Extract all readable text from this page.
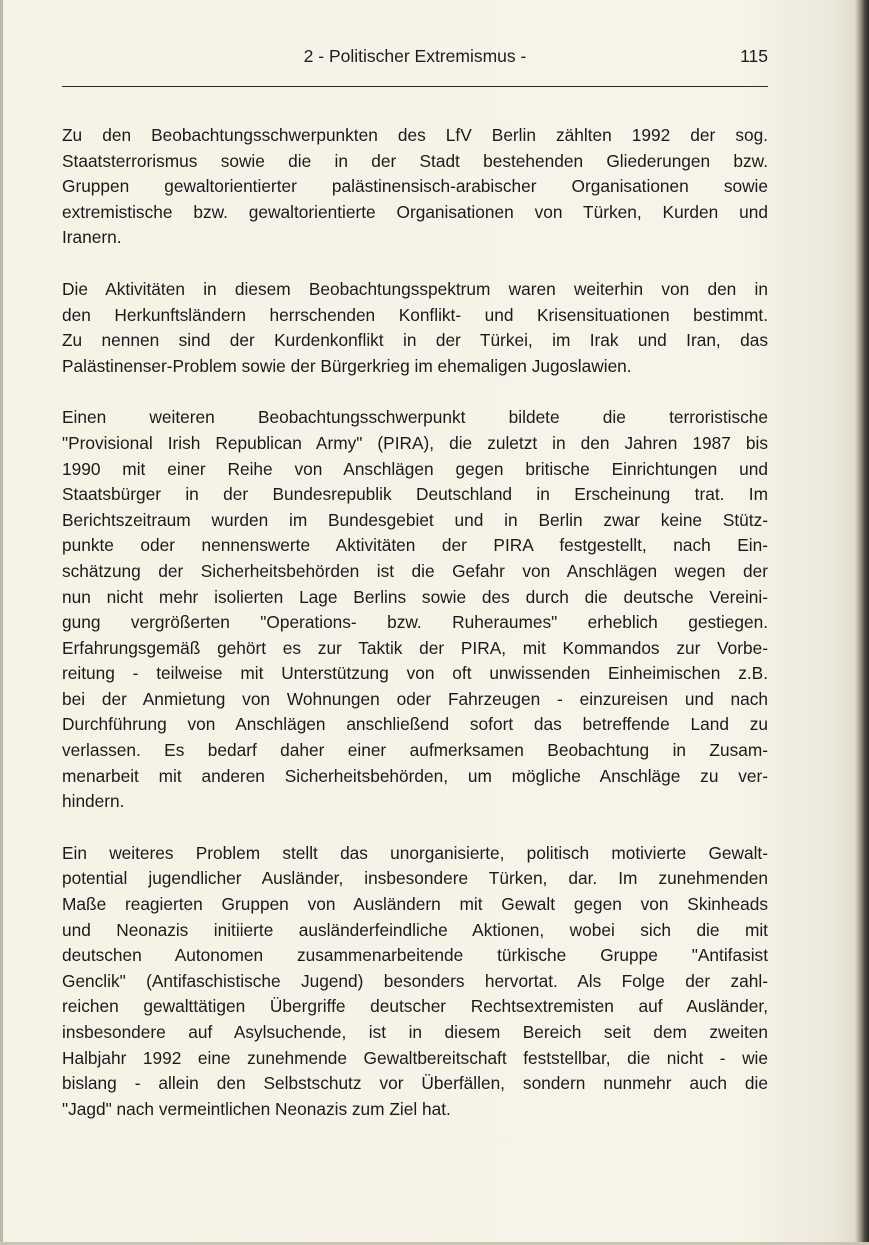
2 - Politischer Extremismus -	115

Zu den Beobachtungsschwerpunkten des LfV Berlin zählten 1992 der sog.
Staatsterrorismus sowie die in der Stadt bestehenden Gliederungen bzw.
Gruppen gewaltorientierter palästinensisch-arabischer Organisationen sowie
extremistische bzw. gewaltorientierte Organisationen von Türken, Kurden und
Iranern.

Die Aktivitäten in diesem Beobachtungsspektrum waren weiterhin von den in
den Herkunftsländern herrschenden Konflikt- und Krisensituationen bestimmt.
Zu nennen sind der Kurdenkonflikt in der Türkei, im Irak und Iran, das
Palästinenser-Problem sowie der Bürgerkrieg im ehemaligen Jugoslawien.

Einen weiteren Beobachtungsschwerpunkt bildete die terroristische
"Provisional Irish Republican Army" (PIRA), die zuletzt in den Jahren 1987 bis
1990 mit einer Reihe von Anschlägen gegen britische Einrichtungen und
Staatsbürger in der Bundesrepublik Deutschland in Erscheinung trat. Im
Berichtszeitraum wurden im Bundesgebiet und in Berlin zwar keine Stütz-
punkte oder nennenswerte Aktivitäten der PIRA festgestellt, nach Ein-
schätzung der Sicherheitsbehörden ist die Gefahr von Anschlägen wegen der
nun nicht mehr isolierten Lage Berlins sowie des durch die deutsche Vereini-
gung vergrößerten "Operations- bzw. Ruheraumes" erheblich gestiegen.
Erfahrungsgemäß gehört es zur Taktik der PIRA, mit Kommandos zur Vorbe-
reitung - teilweise mit Unterstützung von oft unwissenden Einheimischen z.B.
bei der Anmietung von Wohnungen oder Fahrzeugen - einzureisen und nach
Durchführung von Anschlägen anschließend sofort das betreffende Land zu
verlassen. Es bedarf daher einer aufmerksamen Beobachtung in Zusam-
menarbeit mit anderen Sicherheitsbehörden, um mögliche Anschläge zu ver-
hindern.

Ein weiteres Problem stellt das unorganisierte, politisch motivierte Gewalt-
potential jugendlicher Ausländer, insbesondere Türken, dar. Im zunehmenden
Maße reagierten Gruppen von Ausländern mit Gewalt gegen von Skinheads
und Neonazis initiierte ausländerfeindliche Aktionen, wobei sich die mit
deutschen Autonomen zusammenarbeitende türkische Gruppe "Antifasist
Genclik" (Antifaschistische Jugend) besonders hervortat. Als Folge der zahl-
reichen gewalttätigen Übergriffe deutscher Rechtsextremisten auf Ausländer,
insbesondere auf Asylsuchende, ist in diesem Bereich seit dem zweiten
Halbjahr 1992 eine zunehmende Gewaltbereitschaft feststellbar, die nicht - wie
bislang - allein den Selbstschutz vor Überfällen, sondern nunmehr auch die
"Jagd" nach vermeintlichen Neonazis zum Ziel hat.
